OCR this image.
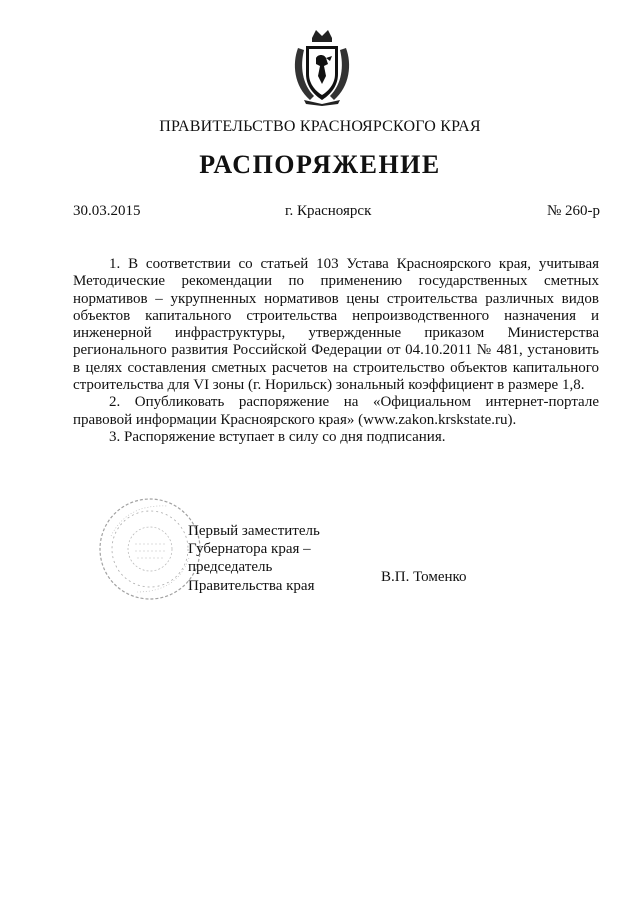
ПРАВИТЕЛЬСТВО КРАСНОЯРСКОГО КРАЯ
РАСПОРЯЖЕНИЕ
30.03.2015	г. Красноярск	№ 260-р

1. В соответствии со статьей 103 Устава Красноярского края, учитывая Методические рекомендации по применению государственных сметных нормативов – укрупненных нормативов цены строительства различных видов объектов капитального строительства непроизводственного назначения и инженерной инфраструктуры, утвержденные приказом Министерства регионального развития Российской Федерации от 04.10.2011 № 481, установить в целях составления сметных расчетов на строительство объектов капитального строительства для VI зоны (г. Норильск) зональный коэффициент в размере 1,8.

2. Опубликовать распоряжение на «Официальном интернет-портале правовой информации Красноярского края» (www.zakon.krskstate.ru).

3. Распоряжение вступает в силу со дня подписания.

Первый заместитель
Губернатора края –
председатель
Правительства края
В.П. Томенко
